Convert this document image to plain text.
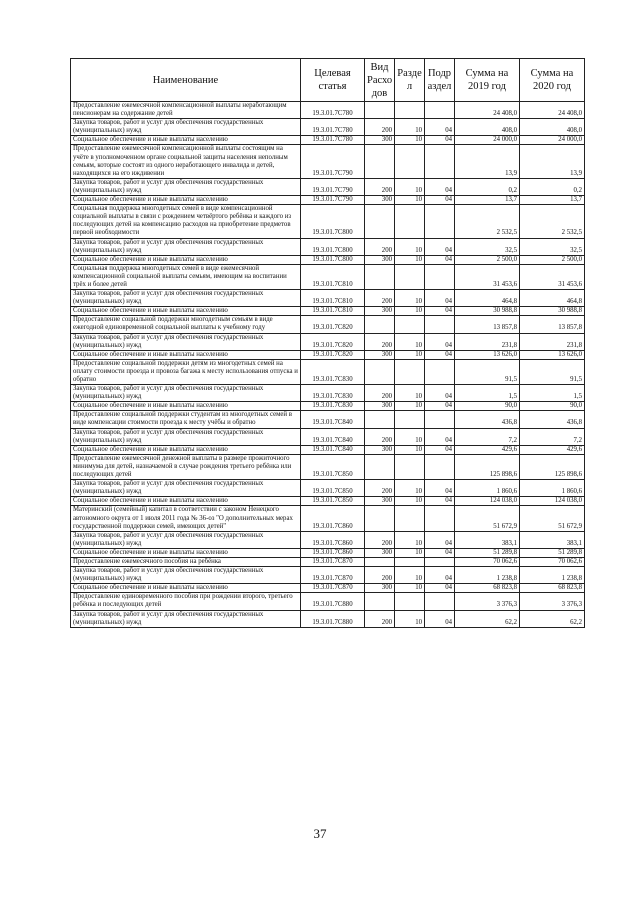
Наименование	Целевая статья	Вид Расхо дов	Разде л	Подр аздел	Сумма на 2019 год	Сумма на 2020 год
Предоставление ежемесячной компенсационной выплаты неработающим пенсионерам на содержание детей	19.3.01.7С780				24 408,0	24 408,0
Закупка товаров, работ и услуг для обеспечения государственных (муниципальных) нужд	19.3.01.7С780	200	10	04	408,0	408,0
Социальное обеспечение и иные выплаты населению	19.3.01.7С780	300	10	04	24 000,0	24 000,0
Предоставление ежемесячной компенсационной выплаты состоящим на учёте в уполномоченном органе социальной защиты населения неполным семьям, которые состоят из одного неработающего инвалида и детей, находящихся на его иждивении	19.3.01.7С790				13,9	13,9
Закупка товаров, работ и услуг для обеспечения государственных (муниципальных) нужд	19.3.01.7С790	200	10	04	0,2	0,2
Социальное обеспечение и иные выплаты населению	19.3.01.7С790	300	10	04	13,7	13,7
Социальная поддержка многодетных семей в виде компенсационной социальной выплаты в связи с рождением четвёртого ребёнка и каждого из последующих детей на компенсацию расходов на приобретение предметов первой необходимости	19.3.01.7С800				2 532,5	2 532,5
Закупка товаров, работ и услуг для обеспечения государственных (муниципальных) нужд	19.3.01.7С800	200	10	04	32,5	32,5
Социальное обеспечение и иные выплаты населению	19.3.01.7С800	300	10	04	2 500,0	2 500,0
Социальная поддержка многодетных семей в виде ежемесячной компенсационной социальной выплаты семьям, имеющим на воспитании трёх и более детей	19.3.01.7С810				31 453,6	31 453,6
Закупка товаров, работ и услуг для обеспечения государственных (муниципальных) нужд	19.3.01.7С810	200	10	04	464,8	464,8
Социальное обеспечение и иные выплаты населению	19.3.01.7С810	300	10	04	30 988,8	30 988,8
Предоставление социальной поддержки многодетным семьям в виде ежегодной единовременной социальной выплаты к учебному году	19.3.01.7С820				13 857,8	13 857,8
Закупка товаров, работ и услуг для обеспечения государственных (муниципальных) нужд	19.3.01.7С820	200	10	04	231,8	231,8
Социальное обеспечение и иные выплаты населению	19.3.01.7С820	300	10	04	13 626,0	13 626,0
Предоставление социальной поддержки детям из многодетных семей на оплату стоимости проезда и провоза багажа к месту использования отпуска и обратно	19.3.01.7С830				91,5	91,5
Закупка товаров, работ и услуг для обеспечения государственных (муниципальных) нужд	19.3.01.7С830	200	10	04	1,5	1,5
Социальное обеспечение и иные выплаты населению	19.3.01.7С830	300	10	04	90,0	90,0
Предоставление социальной поддержки студентам из многодетных семей в виде компенсации стоимости проезда к месту учёбы и обратно	19.3.01.7С840				436,8	436,8
Закупка товаров, работ и услуг для обеспечения государственных (муниципальных) нужд	19.3.01.7С840	200	10	04	7,2	7,2
Социальное обеспечение и иные выплаты населению	19.3.01.7С840	300	10	04	429,6	429,6
Предоставление ежемесячной денежной выплаты в размере прожиточного минимума для детей, назначаемой в случае рождения третьего ребёнка или последующих детей	19.3.01.7С850				125 898,6	125 898,6
Закупка товаров, работ и услуг для обеспечения государственных (муниципальных) нужд	19.3.01.7С850	200	10	04	1 860,6	1 860,6
Социальное обеспечение и иные выплаты населению	19.3.01.7С850	300	10	04	124 038,0	124 038,0
Материнский (семейный) капитал в соответствии с законом Ненецкого автономного округа от 1 июля 2011 года № 36-оз "О дополнительных мерах государственной поддержки семей, имеющих детей"	19.3.01.7С860				51 672,9	51 672,9
Закупка товаров, работ и услуг для обеспечения государственных (муниципальных) нужд	19.3.01.7С860	200	10	04	383,1	383,1
Социальное обеспечение и иные выплаты населению	19.3.01.7С860	300	10	04	51 289,8	51 289,8
Предоставление ежемесячного пособия на ребёнка	19.3.01.7С870				70 062,6	70 062,6
Закупка товаров, работ и услуг для обеспечения государственных (муниципальных) нужд	19.3.01.7С870	200	10	04	1 238,8	1 238,8
Социальное обеспечение и иные выплаты населению	19.3.01.7С870	300	10	04	68 823,8	68 823,8
Предоставление единовременного пособия при рождении второго, третьего ребёнка и последующих детей	19.3.01.7С880				3 376,3	3 376,3
Закупка товаров, работ и услуг для обеспечения государственных (муниципальных) нужд	19.3.01.7С880	200	10	04	62,2	62,2
37
